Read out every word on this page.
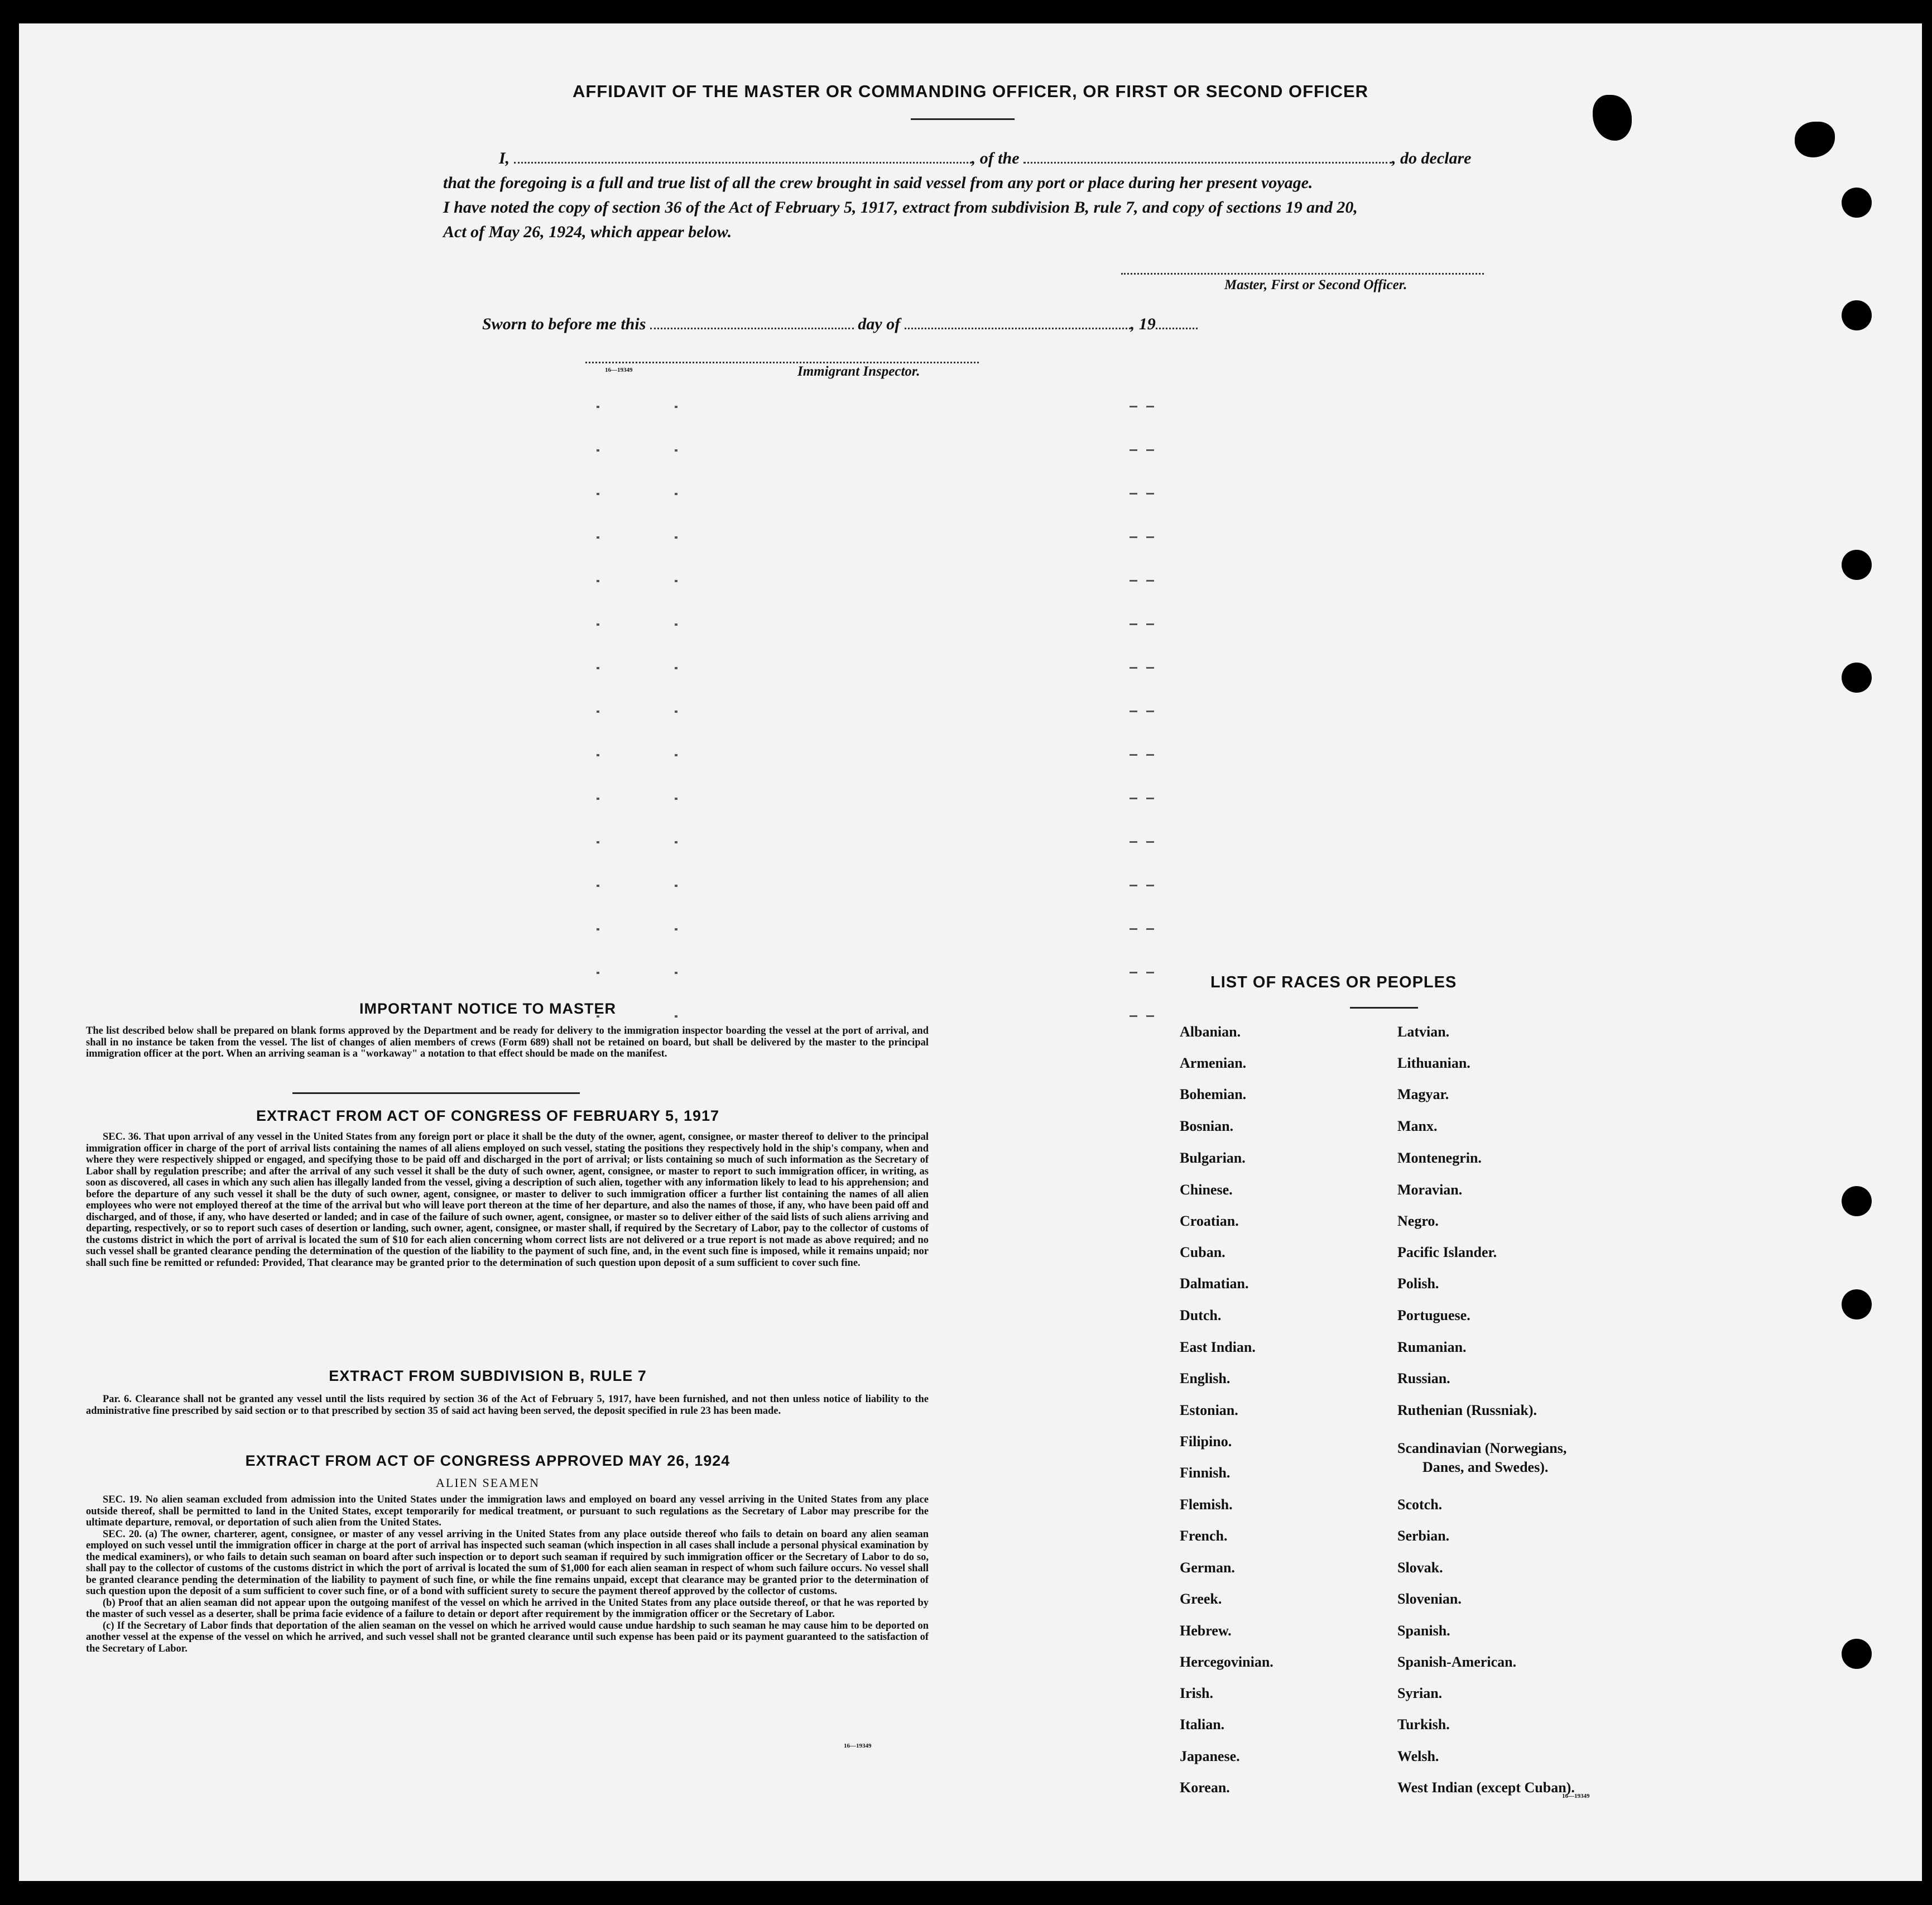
AFFIDAVIT OF THE MASTER OR COMMANDING OFFICER, OR FIRST OR SECOND OFFICER
I,	, of the	, do declare
that the foregoing is a full and true list of all the crew brought in said vessel from any port or place during her present voyage.
I have noted the copy of section 36 of the Act of February 5, 1917, extract from subdivision B, rule 7, and copy of sections 19 and 20,
Act of May 26, 1924, which appear below.
Master, First or Second Officer.
Sworn to before me this	day of	, 19
16—19349	Immigrant Inspector.
IMPORTANT NOTICE TO MASTER
The list described below shall be prepared on blank forms approved by the Department and be ready for delivery to the immigration inspector boarding the vessel at the port of arrival, and shall in no instance be taken from the vessel. The list of changes of alien members of crews (Form 689) shall not be retained on board, but shall be delivered by the master to the principal immigration officer at the port. When an arriving seaman is a "workaway" a notation to that effect should be made on the manifest.
EXTRACT FROM ACT OF CONGRESS OF FEBRUARY 5, 1917
SEC. 36. That upon arrival of any vessel in the United States from any foreign port or place it shall be the duty of the owner, agent, consignee, or master thereof to deliver to the principal immigration officer in charge of the port of arrival lists containing the names of all aliens employed on such vessel, stating the positions they respectively hold in the ship's company, when and where they were respectively shipped or engaged, and specifying those to be paid off and discharged in the port of arrival; or lists containing so much of such information as the Secretary of Labor shall by regulation prescribe; and after the arrival of any such vessel it shall be the duty of such owner, agent, consignee, or master to report to such immigration officer, in writing, as soon as discovered, all cases in which any such alien has illegally landed from the vessel, giving a description of such alien, together with any information likely to lead to his apprehension; and before the departure of any such vessel it shall be the duty of such owner, agent, consignee, or master to deliver to such immigration officer a further list containing the names of all alien employees who were not employed thereof at the time of the arrival but who will leave port thereon at the time of her departure, and also the names of those, if any, who have been paid off and discharged, and of those, if any, who have deserted or landed; and in case of the failure of such owner, agent, consignee, or master so to deliver either of the said lists of such aliens arriving and departing, respectively, or so to report such cases of desertion or landing, such owner, agent, consignee, or master shall, if required by the Secretary of Labor, pay to the collector of customs of the customs district in which the port of arrival is located the sum of $10 for each alien concerning whom correct lists are not delivered or a true report is not made as above required; and no such vessel shall be granted clearance pending the determination of the question of the liability to the payment of such fine, and, in the event such fine is imposed, while it remains unpaid; nor shall such fine be remitted or refunded: Provided, That clearance may be granted prior to the determination of such question upon deposit of a sum sufficient to cover such fine.
EXTRACT FROM SUBDIVISION B, RULE 7
Par. 6. Clearance shall not be granted any vessel until the lists required by section 36 of the Act of February 5, 1917, have been furnished, and not then unless notice of liability to the administrative fine prescribed by said section or to that prescribed by section 35 of said act having been served, the deposit specified in rule 23 has been made.
EXTRACT FROM ACT OF CONGRESS APPROVED MAY 26, 1924
ALIEN SEAMEN
SEC. 19. No alien seaman excluded from admission into the United States under the immigration laws and employed on board any vessel arriving in the United States from any place outside thereof, shall be permitted to land in the United States, except temporarily for medical treatment, or pursuant to such regulations as the Secretary of Labor may prescribe for the ultimate departure, removal, or deportation of such alien from the United States.
SEC. 20. (a) The owner, charterer, agent, consignee, or master of any vessel arriving in the United States from any place outside thereof who fails to detain on board any alien seaman employed on such vessel until the immigration officer in charge at the port of arrival has inspected such seaman (which inspection in all cases shall include a personal physical examination by the medical examiners), or who fails to detain such seaman on board after such inspection or to deport such seaman if required by such immigration officer or the Secretary of Labor to do so, shall pay to the collector of customs of the customs district in which the port of arrival is located the sum of $1,000 for each alien seaman in respect of whom such failure occurs. No vessel shall be granted clearance pending the determination of the liability to payment of such fine, or while the fine remains unpaid, except that clearance may be granted prior to the determination of such question upon the deposit of a sum sufficient to cover such fine, or of a bond with sufficient surety to secure the payment thereof approved by the collector of customs.
(b) Proof that an alien seaman did not appear upon the outgoing manifest of the vessel on which he arrived in the United States from any place outside thereof, or that he was reported by the master of such vessel as a deserter, shall be prima facie evidence of a failure to detain or deport after requirement by the immigration officer or the Secretary of Labor.
(c) If the Secretary of Labor finds that deportation of the alien seaman on the vessel on which he arrived would cause undue hardship to such seaman he may cause him to be deported on another vessel at the expense of the vessel on which he arrived, and such vessel shall not be granted clearance until such expense has been paid or its payment guaranteed to the satisfaction of the Secretary of Labor.
16—19349
LIST OF RACES OR PEOPLES
Albanian.
Armenian.
Bohemian.
Bosnian.
Bulgarian.
Chinese.
Croatian.
Cuban.
Dalmatian.
Dutch.
East Indian.
English.
Estonian.
Filipino.
Finnish.
Flemish.
French.
German.
Greek.
Hebrew.
Hercegovinian.
Irish.
Italian.
Japanese.
Korean.
Latvian.
Lithuanian.
Magyar.
Manx.
Montenegrin.
Moravian.
Negro.
Pacific Islander.
Polish.
Portuguese.
Rumanian.
Russian.
Ruthenian (Russniak).
Scandinavian (Norwegians,
Danes, and Swedes).
Scotch.
Serbian.
Slovak.
Slovenian.
Spanish.
Spanish-American.
Syrian.
Turkish.
Welsh.
West Indian (except Cuban).
16—19349
